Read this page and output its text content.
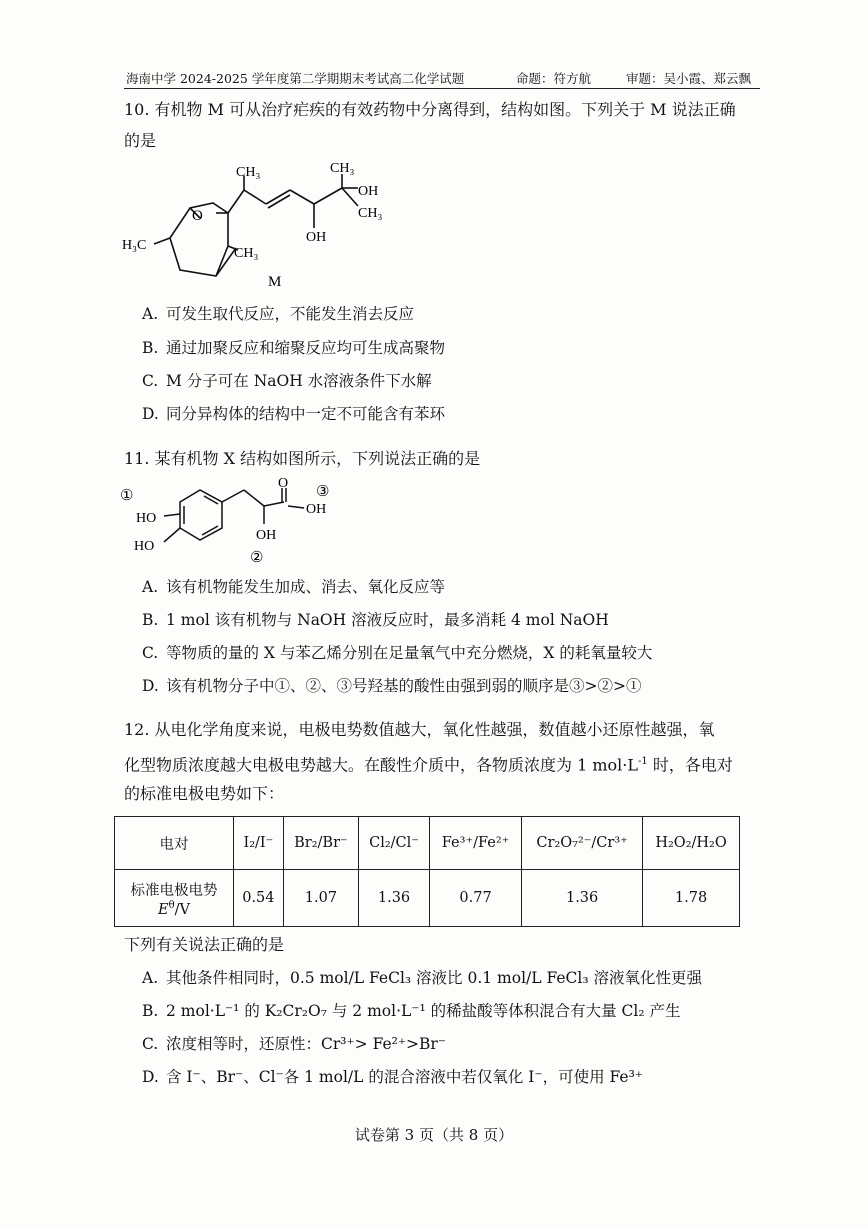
海南中学 2024-2025 学年度第二学期期末考试高二化学试题	命题：符方航	审题：吴小霞、郑云飘
10. 有机物 M 可从治疗疟疾的有效药物中分离得到，结构如图。下列关于 M 说法正确
的是
CH₃	CH₃
OH
CH₃
OH
H₃C
CH₃
O
M
A. 可发生取代反应，不能发生消去反应
B. 通过加聚反应和缩聚反应均可生成高聚物
C. M 分子可在 NaOH 水溶液条件下水解
D. 同分异构体的结构中一定不可能含有苯环
11. 某有机物 X 结构如图所示，下列说法正确的是
①	③
②
HO
HO
O
OH
OH
A. 该有机物能发生加成、消去、氧化反应等
B. 1 mol 该有机物与 NaOH 溶液反应时，最多消耗 4 mol NaOH
C. 等物质的量的 X 与苯乙烯分别在足量氧气中充分燃烧，X 的耗氧量较大
D. 该有机物分子中①、②、③号羟基的酸性由强到弱的顺序是③>②>①
12. 从电化学角度来说，电极电势数值越大，氧化性越强，数值越小还原性越强，氧
化型物质浓度越大电极电势越大。在酸性介质中，各物质浓度为 1 $mol\cdot L^{-1}$ 时，各电对
的标准电极电势如下：
电对	I₂/I⁻	Br₂/Br⁻	Cl₂/Cl⁻	Fe³⁺/Fe²⁺	Cr₂O₇²⁻/Cr³⁺	H₂O₂/H₂O

标准电极电势
$E^\theta/V$	0.54	1.07	1.36	0.77	1.36	1.78
下列有关说法正确的是
A. 其他条件相同时，0.5 mol/L FeCl₃ 溶液比 0.1 mol/L FeCl₃ 溶液氧化性更强
B. 2 mol·L⁻¹ 的 K₂Cr₂O₇ 与 2 mol·L⁻¹ 的稀盐酸等体积混合有大量 Cl₂ 产生
C. 浓度相等时，还原性：Cr³⁺> Fe²⁺>Br⁻
D. 含 I⁻、Br⁻、Cl⁻各 1 mol/L 的混合溶液中若仅氧化 I⁻，可使用 Fe³⁺
试卷第 3 页（共 8 页）
